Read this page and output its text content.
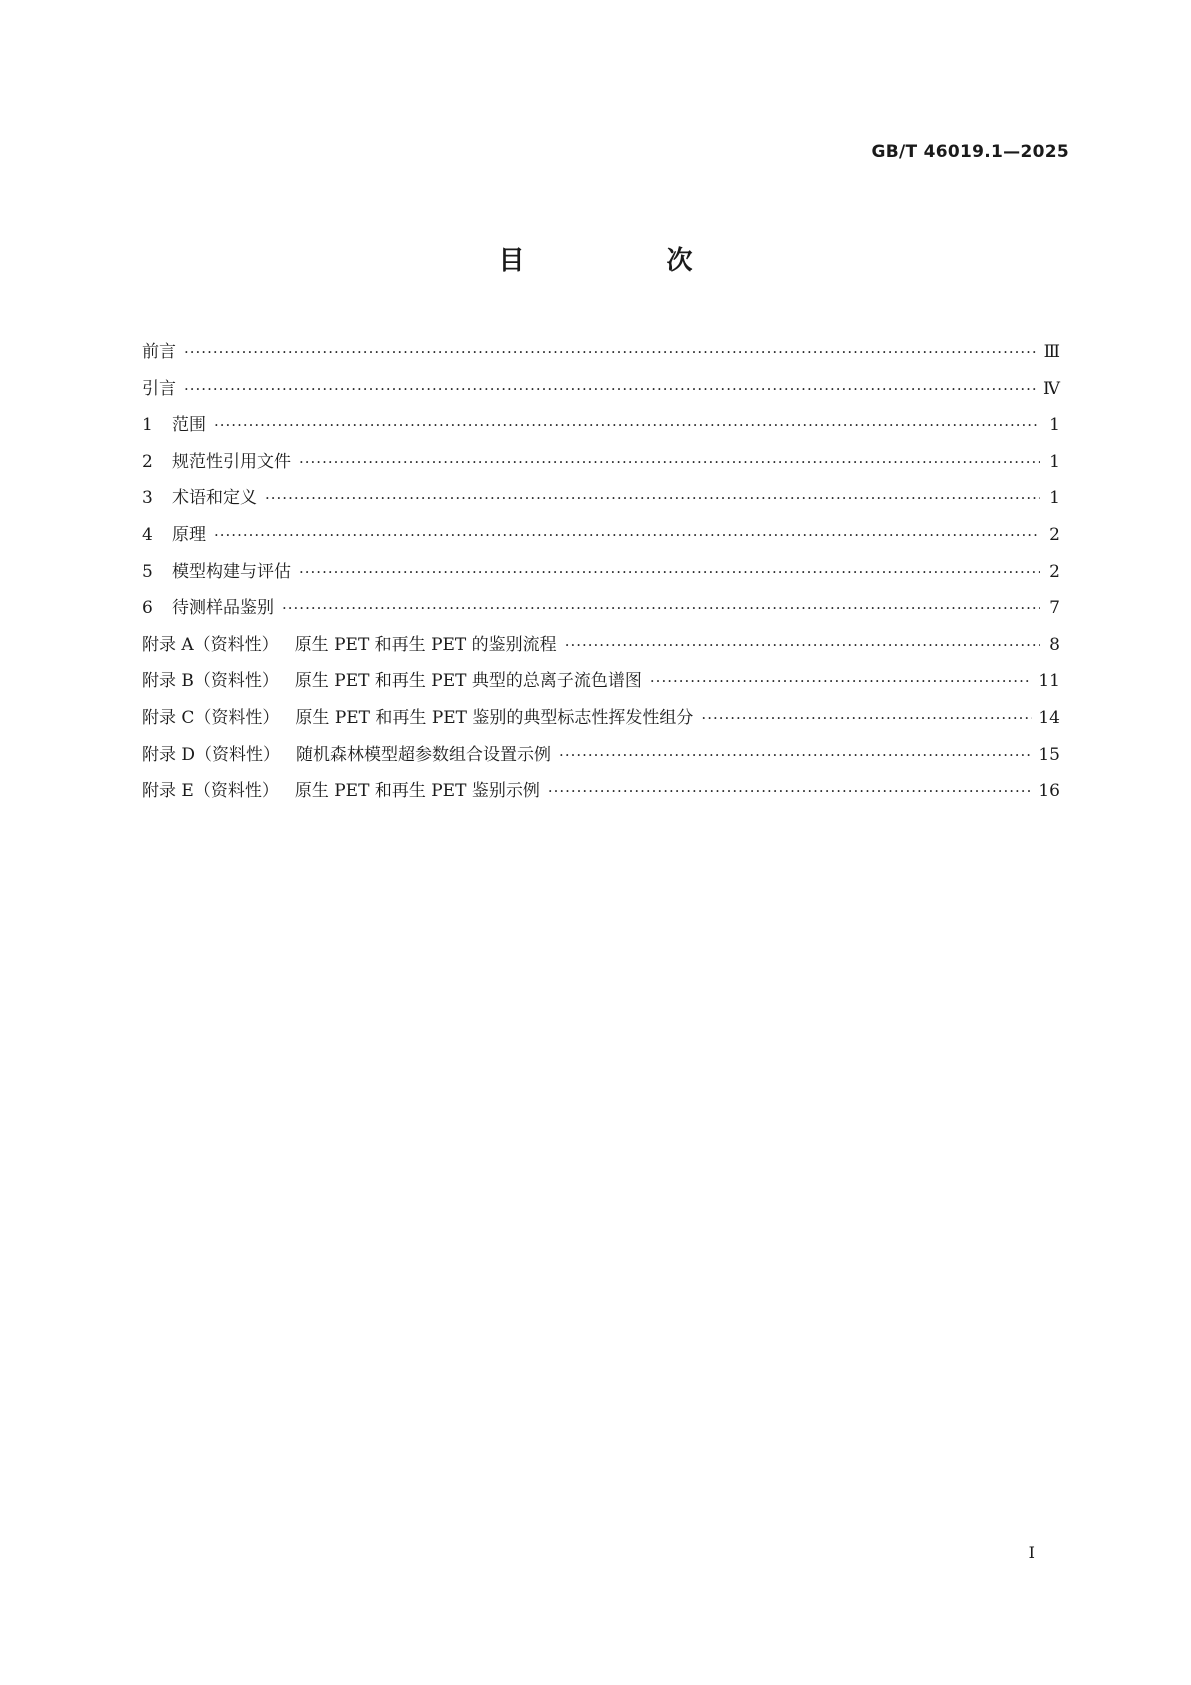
GB/T 46019.1—2025
目　次
前言 ·····	Ⅲ
引言 ·····	Ⅳ
1 范围 ·····	1
2 规范性引用文件 ·····	1
3 术语和定义 ·····	1
4 原理 ·····	2
5 模型构建与评估 ·····	2
6 待测样品鉴别 ·····	7
附录 A（资料性） 原生 PET 和再生 PET 的鉴别流程 ·····	8
附录 B（资料性） 原生 PET 和再生 PET 典型的总离子流色谱图 ·····	11
附录 C（资料性） 原生 PET 和再生 PET 鉴别的典型标志性挥发性组分 ·····	14
附录 D（资料性） 随机森林模型超参数组合设置示例 ·····	15
附录 E（资料性） 原生 PET 和再生 PET 鉴别示例 ·····	16
Ⅰ
